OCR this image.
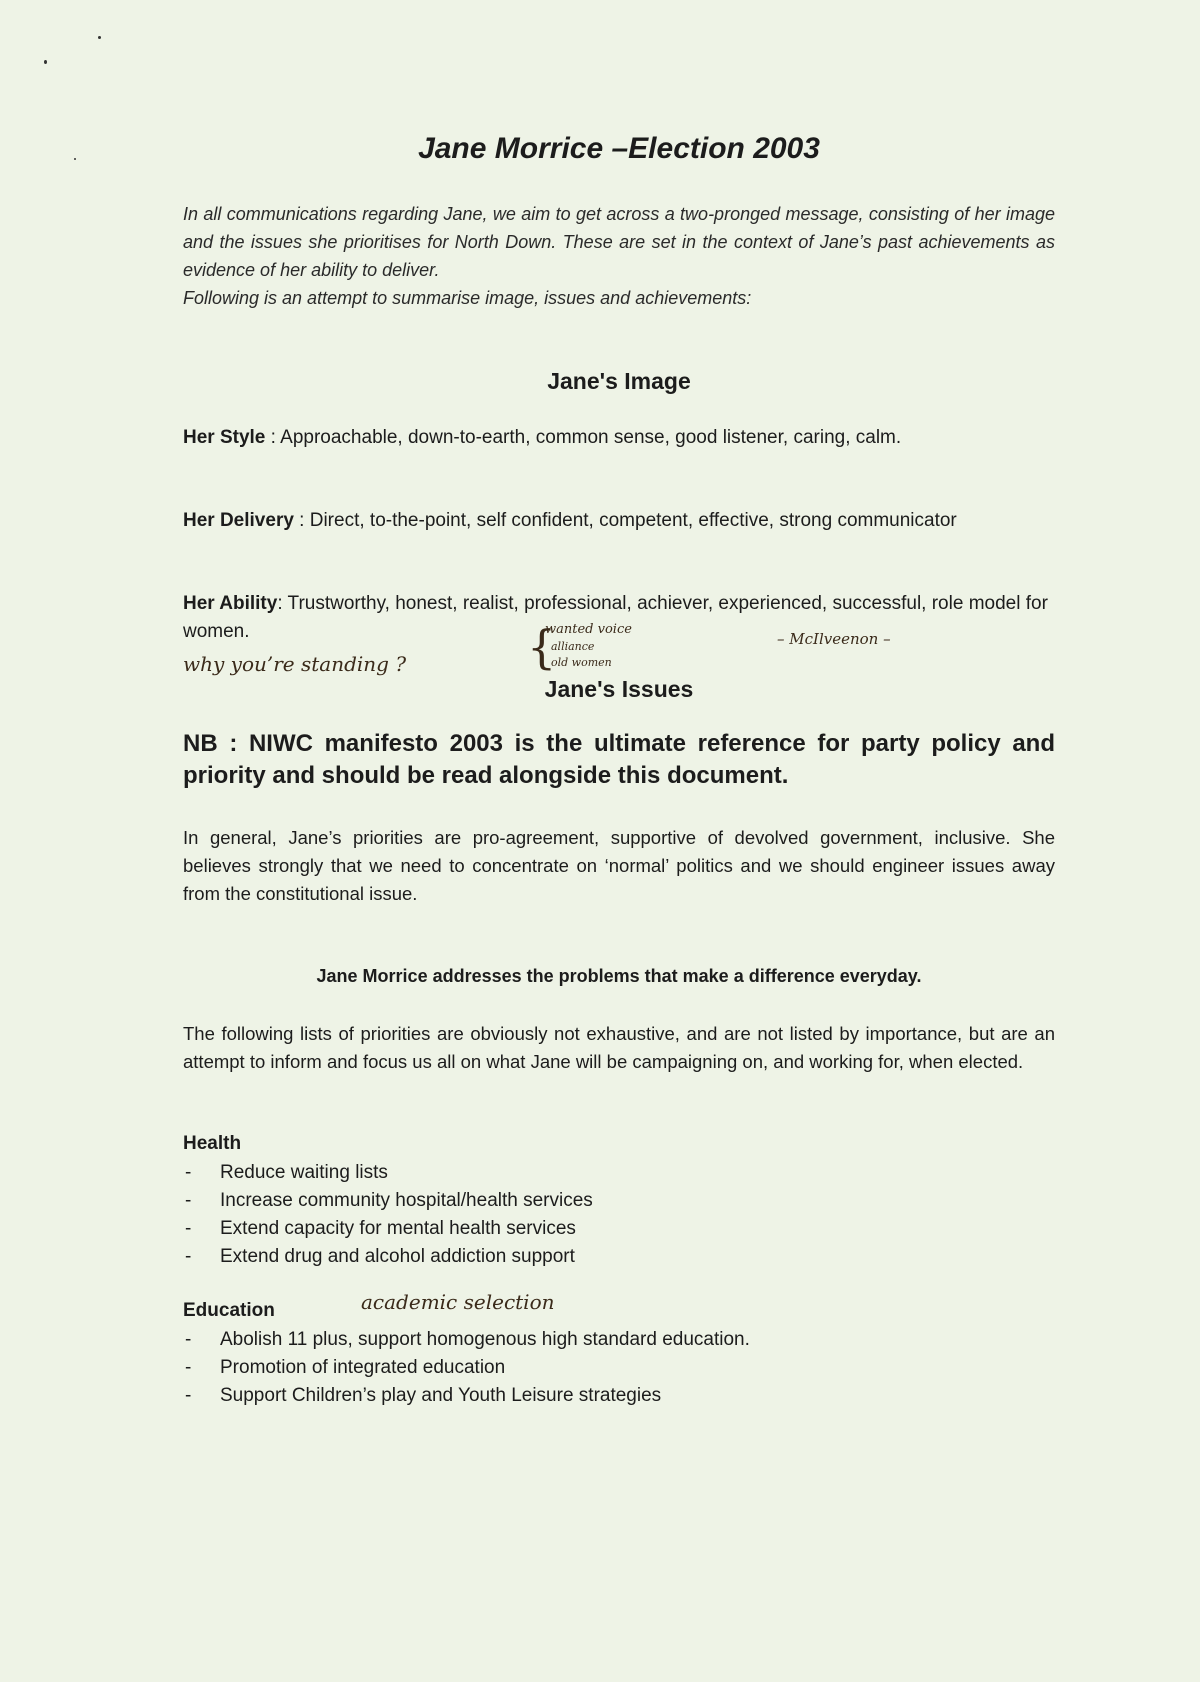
Jane Morrice –Election 2003

In all communications regarding Jane, we aim to get across a two-pronged message, consisting of her image and the issues she prioritises for North Down. These are set in the context of Jane’s past achievements as evidence of her ability to deliver.

Following is an attempt to summarise image, issues and achievements:

Jane's Image

Her Style : Approachable, down-to-earth, common sense, good listener, caring, calm.

Her Delivery : Direct, to-the-point, self confident, competent, effective, strong communicator

Her Ability: Trustworthy, honest, realist, professional, achiever, experienced, successful, role model for women.

why you’re standing ?	{
wanted voice
alliance
old women
– McIlveenon –
Jane's Issues

NB : NIWC manifesto 2003 is the ultimate reference for party policy and priority and should be read alongside this document.

In general, Jane’s priorities are pro-agreement, supportive of devolved government, inclusive. She believes strongly that we need to concentrate on ‘normal’ politics and we should engineer issues away from the constitutional issue.

Jane Morrice addresses the problems that make a difference everyday.

The following lists of priorities are obviously not exhaustive, and are not listed by importance, but are an attempt to inform and focus us all on what Jane will be campaigning on, and working for, when elected.

Health
- Reduce waiting lists
- Increase community hospital/health services
- Extend capacity for mental health services
- Extend drug and alcohol addiction support
Education	academic selection
- Abolish 11 plus, support homogenous high standard education.
- Promotion of integrated education
- Support Children’s play and Youth Leisure strategies
